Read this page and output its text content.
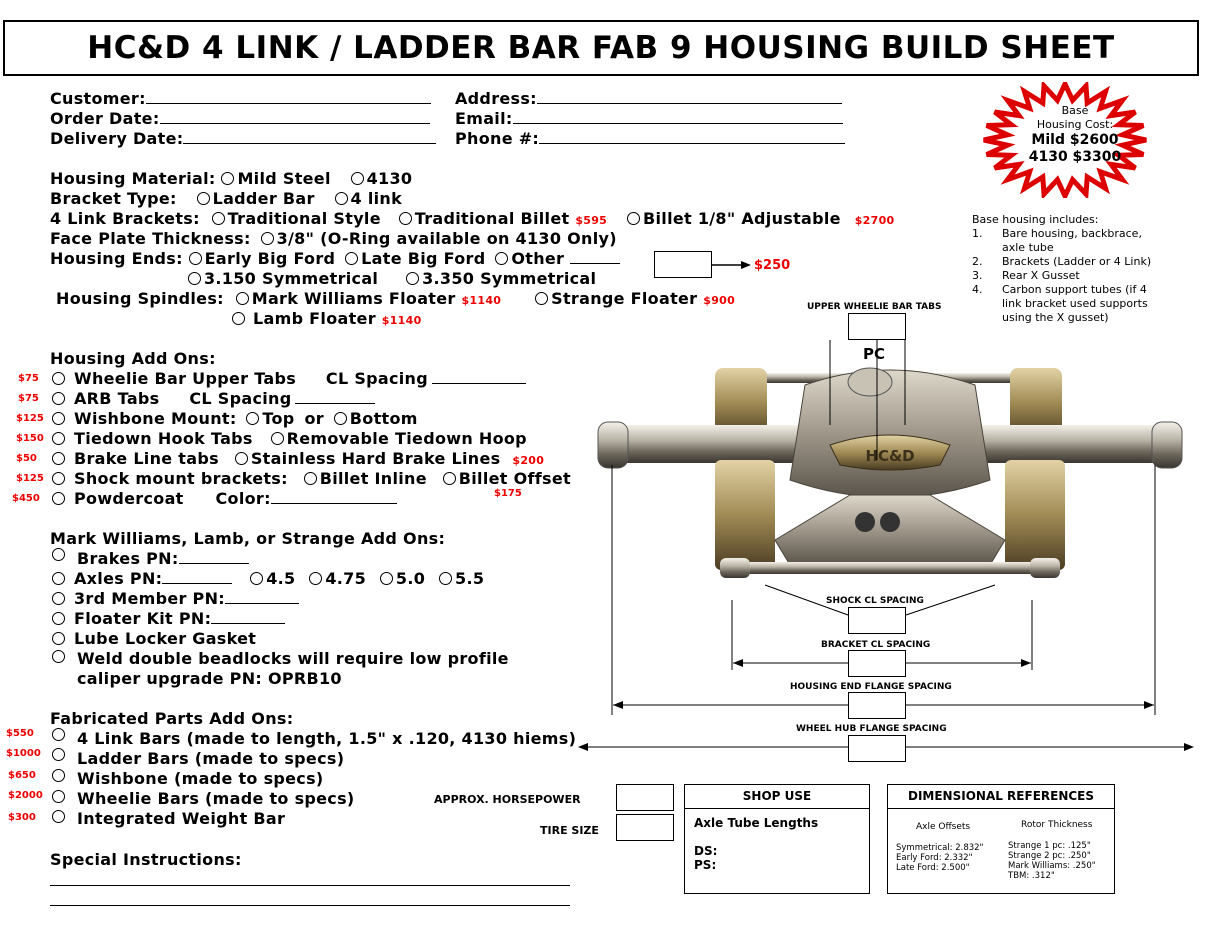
HC&D 4 LINK / LADDER BAR FAB 9 HOUSING BUILD SHEET
Customer:
Order Date:
Delivery Date:
Address:
Email:
Phone #:
Base
Housing Cost:
Mild $2600
4130 $3300
Base housing includes:
1. Bare housing, backbrace,
axle tube
2. Brackets (Ladder or 4 Link)
3. Rear X Gusset
4. Carbon support tubes (if 4
link bracket used supports
using the X gusset)
Housing Material: Mild Steel 4130
Bracket Type: Ladder Bar 4 link
4 Link Brackets: Traditional Style Traditional Billet $595 Billet 1/8" Adjustable $2700
Face Plate Thickness: 3/8" (O-Ring available on 4130 Only)
Housing Ends: Early Big Ford Late Big Ford Other
3.150 Symmetrical	3.350 Symmetrical
$250
Housing Spindles: Mark Williams Floater $1140	Strange Floater $900
Lamb Floater $1140
Housing Add Ons:
$75	Wheelie Bar Upper Tabs CL Spacing
$75	ARB Tabs CL Spacing
$125	Wishbone Mount: Top or Bottom
$150	Tiedown Hook Tabs Removable Tiedown Hoop
$50	Brake Line tabs Stainless Hard Brake Lines $200
$125	Shock mount brackets: Billet Inline Billet Offset
$175
$450	Powdercoat Color:
Mark Williams, Lamb, or Strange Add Ons:
Brakes PN:
Axles PN:	4.5 4.75 5.0 5.5
3rd Member PN:
Floater Kit PN:
Lube Locker Gasket
Weld double beadlocks will require low profile
caliper upgrade PN: OPRB10
Fabricated Parts Add Ons:
$550	4 Link Bars (made to length, 1.5" x .120, 4130 hiems)
$1000 Ladder Bars (made to specs)
$650	Wishbone (made to specs)
$2000 Wheelie Bars (made to specs)
$300	Integrated Weight Bar
Special Instructions:
HC&D
UPPER WHEELIE BAR TABS
PC
SHOCK CL SPACING
BRACKET CL SPACING
HOUSING END FLANGE SPACING
WHEEL HUB FLANGE SPACING
APPROX. HORSEPOWER
TIRE SIZE
SHOP USE
Axle Tube Lengths
DS:
PS:
DIMENSIONAL REFERENCES
Axle Offsets	Rotor Thickness
Symmetrical: 2.832"
Early Ford: 2.332"
Late Ford: 2.500"
Strange 1 pc: .125"
Strange 2 pc: .250"
Mark Williams: .250"
TBM: .312"
